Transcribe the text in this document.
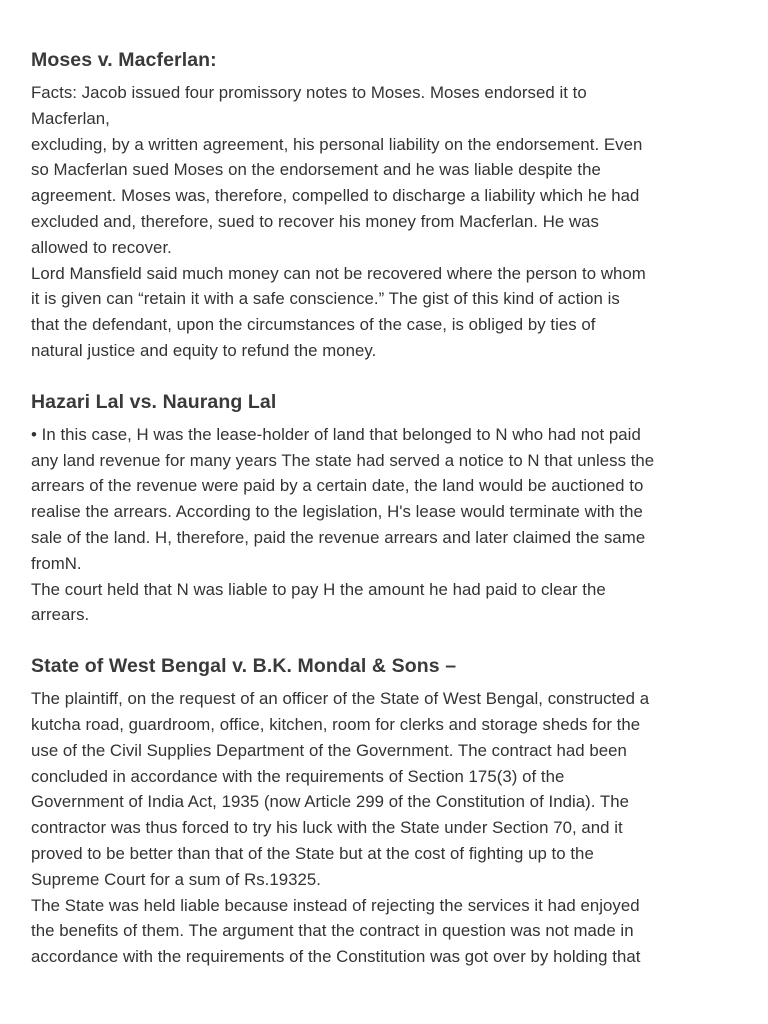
Moses v. Macferlan:

Facts: Jacob issued four promissory notes to Moses. Moses endorsed it to
Macferlan,

excluding, by a written agreement, his personal liability on the endorsement. Even
so Macferlan sued Moses on the endorsement and he was liable despite the
agreement. Moses was, therefore, compelled to discharge a liability which he had
excluded and, therefore, sued to recover his money from Macferlan. He was
allowed to recover.

Lord Mansfield said much money can not be recovered where the person to whom
it is given can “retain it with a safe conscience.” The gist of this kind of action is
that the defendant, upon the circumstances of the case, is obliged by ties of
natural justice and equity to refund the money.

Hazari Lal vs. Naurang Lal

• In this case, H was the lease-holder of land that belonged to N who had not paid
any land revenue for many years The state had served a notice to N that unless the
arrears of the revenue were paid by a certain date, the land would be auctioned to
realise the arrears. According to the legislation, H's lease would terminate with the
sale of the land. H, therefore, paid the revenue arrears and later claimed the same
fromN.

The court held that N was liable to pay H the amount he had paid to clear the
arrears.

State of West Bengal v. B.K. Mondal & Sons –

The plaintiff, on the request of an officer of the State of West Bengal, constructed a
kutcha road, guardroom, office, kitchen, room for clerks and storage sheds for the
use of the Civil Supplies Department of the Government. The contract had been
concluded in accordance with the requirements of Section 175(3) of the
Government of India Act, 1935 (now Article 299 of the Constitution of India). The
contractor was thus forced to try his luck with the State under Section 70, and it
proved to be better than that of the State but at the cost of fighting up to the
Supreme Court for a sum of Rs.19325.

The State was held liable because instead of rejecting the services it had enjoyed
the benefits of them. The argument that the contract in question was not made in
accordance with the requirements of the Constitution was got over by holding that
